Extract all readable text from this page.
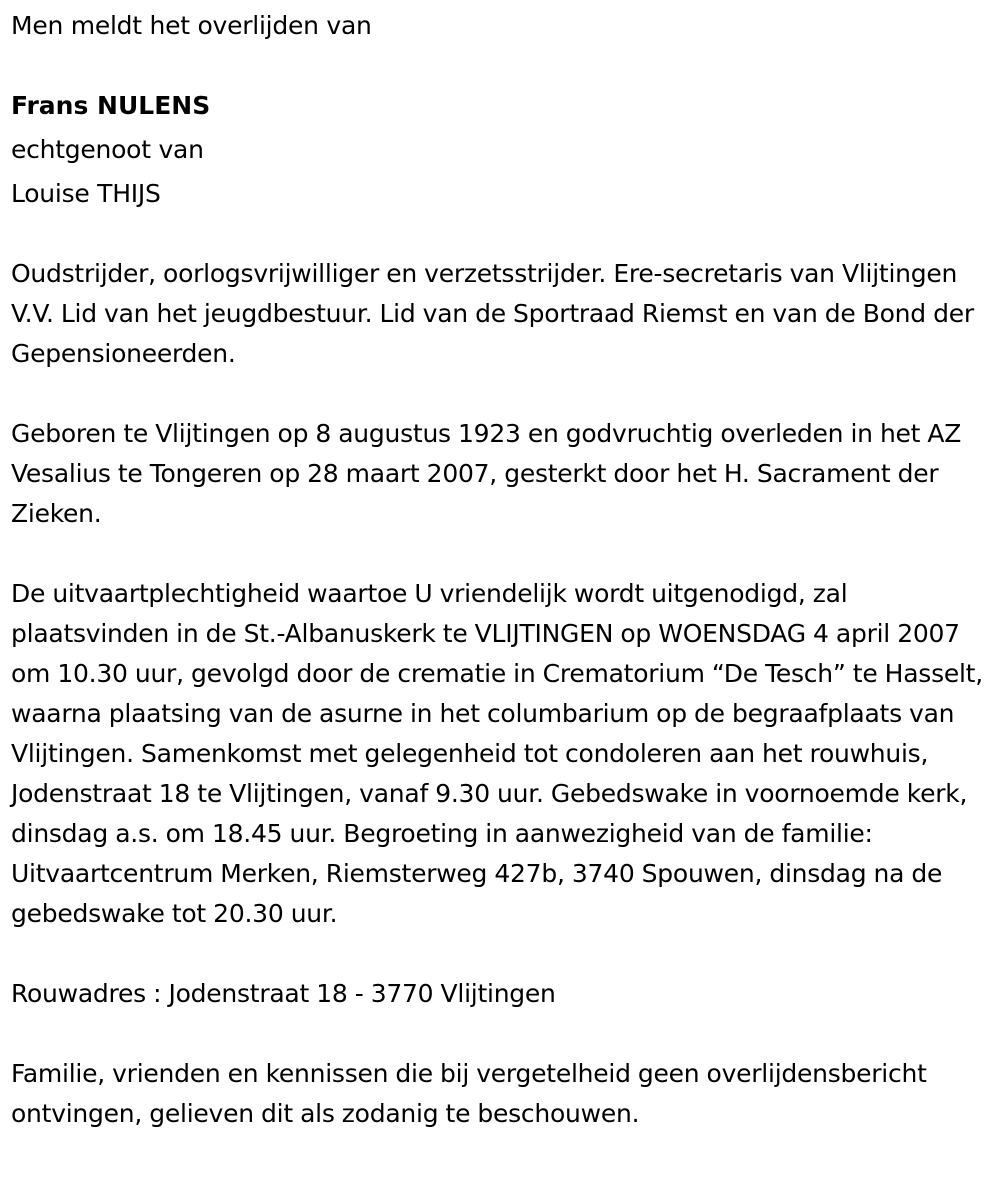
Men meldt het overlijden van

Frans NULENS

echtgenoot van

Louise THIJS

Oudstrijder, oorlogsvrijwilliger en verzetsstrijder. Ere-secretaris van Vlijtingen V.V. Lid van het jeugdbestuur. Lid van de Sportraad Riemst en van de Bond der Gepensioneerden.

Geboren te Vlijtingen op 8 augustus 1923 en godvruchtig overleden in het AZ Vesalius te Tongeren op 28 maart 2007, gesterkt door het H. Sacrament der Zieken.

De uitvaartplechtigheid waartoe U vriendelijk wordt uitgenodigd, zal plaatsvinden in de St.-Albanuskerk te VLIJTINGEN op WOENSDAG 4 april 2007 om 10.30 uur, gevolgd door de crematie in Crematorium “De Tesch” te Hasselt, waarna plaatsing van de asurne in het columbarium op de begraafplaats van Vlijtingen. Samenkomst met gelegenheid tot condoleren aan het rouwhuis, Jodenstraat 18 te Vlijtingen, vanaf 9.30 uur. Gebedswake in voornoemde kerk, dinsdag a.s. om 18.45 uur. Begroeting in aanwezigheid van de familie: Uitvaartcentrum Merken, Riemsterweg 427b, 3740 Spouwen, dinsdag na de gebedswake tot 20.30 uur.

Rouwadres : Jodenstraat 18 - 3770 Vlijtingen

Familie, vrienden en kennissen die bij vergetelheid geen overlijdensbericht ontvingen, gelieven dit als zodanig te beschouwen.
